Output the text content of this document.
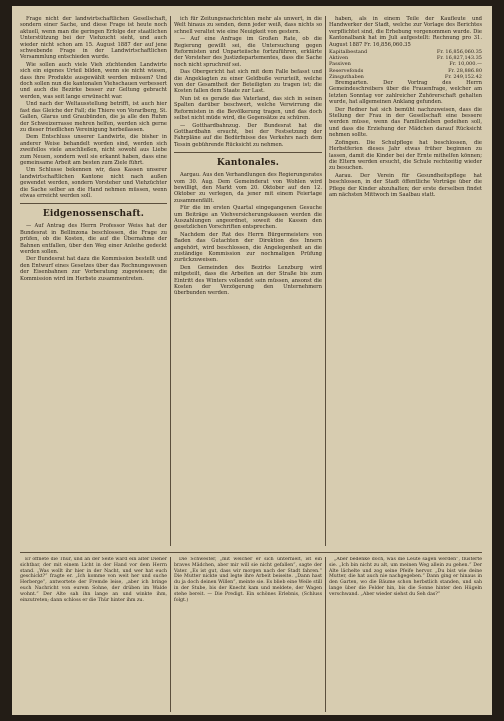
Frage nicht der landwirtschaftlichen Gesellschaft, sondern einer Sache, und diese Frage ist heute noch aktuell, wenn man die geringen Erfolge der staatlichen Unterstützung bei der Viehzucht sieht, und auch wieder nicht schon am 15. August 1887 der auf jene schwebende Frage in der Landwirtschaftlichen Versammlung entschieden wurde.

Wie sollen auch viele Vieh züchtenden Landwirte sich ein eigenes Urteil bilden, wenn sie nicht wissen, dass ihre Produkte ausgewählt werden müssen? Und doch sollen nun die kantonalen Viehschauen verbessert und auch die Bezirke besser zur Geltung gebracht werden, was seit lange erwünscht war.

Und nach der Weltausstellung betrifft, ist auch hier fast das Gleiche der Fall; die Thiere von Vorarlberg, St. Gallen, Glarus und Graubünden, die ja alle den Ruhm der Schweizerrasse mehren helfen, werden sich gerne zu dieser friedlichen Vereinigung herbeilassen.

Dem Entschluss unserer Landwirte, die bisher in anderer Weise behandelt worden sind, werden sich zweifellos viele anschließen, nicht sowohl aus Liebe zum Neuen, sondern weil sie erkannt haben, dass eine gemeinsame Arbeit am besten zum Ziele führt.

Um Schlusse bekennen wir, dass Kassen unserer landwirtschaftlichen Kantone nicht nach außen gewendet werden, sondern Vorsteher und Viehzüchter die Sache selber an die Hand nehmen müssen, wenn etwas erreicht werden soll.

Eidgenossenschaft.

— Auf Antrag des Herrn Professor Weiss hat der Bundesrat in Bellinzona beschlossen, die Frage zu prüfen, ob die Kosten, die auf die Übernahme der Bahnen entfallen, über den Weg einer Anleihe gedeckt werden sollen.

Der Bundesrat hat dazu die Kommission bestellt und den Entwurf eines Gesetzes über das Rechnungswesen der Eisenbahnen zur Vorberatung zugewiesen; die Kommission wird im Herbste zusammentreten.

ich für Zeitungsnachrichten mehr als unwert, in die Welt hinaus zu senden, denn jeder weiß, dass nichts so schnell veraltet wie eine Neuigkeit von gestern.

— Auf eine Anfrage im Großen Rate, ob die Regierung gewillt sei, die Untersuchung gegen Reformisten und Unparteiische fortzuführen, erklärte der Vorsteher des Justizdepartementes, dass die Sache noch nicht spruchreif sei.

Das Obergericht hat sich mit dem Falle befasst und die Angeklagten zu einer Geldbuße verurteilt, welche von der Gesamtheit der Beteiligten zu tragen ist; die Kosten fallen dem Staate zur Last.

Nun ist es gerade das Vaterland, das sich in seinen Spalten darüber beschwert, welche Verwirrung die Reformisten in die Bevölkerung tragen, und das doch selbst nicht müde wird, die Gegensätze zu schüren.

— Gotthardbahnzug. Der Bundesrat hat die Gotthardbahn ersucht, bei der Festsetzung der Fahrpläne auf die Bedürfnisse des Verkehrs nach dem Tessin gebührende Rücksicht zu nehmen.

Kantonales.

Aargau. Aus den Verhandlungen des Regierungsrates vom 30. Aug. Dem Gemeinderat von Wohlen wird bewilligt, den Markt vom 20. Oktober auf den 12. Oktober zu verlegen, da jener mit einem Feiertage zusammenfällt.

Für die im ersten Quartal eingegangenen Gesuche um Beiträge an Viehversicherungskassen werden die Auszahlungen angeordnet, soweit die Kassen den gesetzlichen Vorschriften entsprechen.

Nachdem der Rat des Herrn Bürgermeisters von Baden das Gutachten der Direktion des Innern angehört, wird beschlossen, die Angelegenheit an die zuständige Kommission zur nochmaligen Prüfung zurückzuweisen.

Den Gemeinden des Bezirks Lenzburg wird mitgeteilt, dass die Arbeiten an der Straße bis zum Eintritt des Winters vollendet sein müssen, ansonst die Kosten der Verzögerung den Unternehmern überbunden werden.

haben, als in einem Teile der Kaufleute und Handwerker der Stadt, welche zur Vorlage des Berichtes verpflichtet sind, die Erhebung vorgenommen wurde. Die Kantonalbank hat im Juli aufgestellt: Rechnung pro 31. August 1887 Fr. 16,856,060.35

Kapitalbestand	Fr. 16,856,060.35
Aktiven	Fr. 16,827,143.35
Passiven	Fr. 10,000.—
Reservefonds	Fr. 28,886.80
Zinsguthaben	Fr. 249,152.42

Bremgarten. Der Vortrag des Herrn Gemeindeschreibers über die Frauenfrage, welcher am letzten Sonntag vor zahlreicher Zuhörerschaft gehalten wurde, hat allgemeinen Anklang gefunden.

Der Redner hat sich bemüht nachzuweisen, dass die Stellung der Frau in der Gesellschaft eine bessere werden müsse, wenn das Familienleben gedeihen soll, und dass die Erziehung der Mädchen darauf Rücksicht nehmen sollte.

Zofingen. Die Schulpflege hat beschlossen, die Herbstferien dieses Jahr etwas früher beginnen zu lassen, damit die Kinder bei der Ernte mithelfen können; die Eltern werden ersucht, die Schule rechtzeitig wieder zu besuchen.

Aarau. Der Verein für Gesundheitspflege hat beschlossen, in der Stadt öffentliche Vorträge über die Pflege der Kinder abzuhalten; der erste derselben findet am nächsten Mittwoch im Saalbau statt.

Er öffnete die Thür, und an der Seite ward ein alter Diener sichtbar, der mit einem Licht in der Hand vor dem Herrn stand. „Was wollt ihr hier in der Nacht, und wer hat euch geschickt?“ fragte er. „Ich komme von weit her und suche Herberge“, antwortete der Fremde leise, „aber ich bringe euch Nachricht von eurem Sohne, der drüben im Walde wohnt.“ Der Alte sah ihn lange an und winkte ihm, einzutreten; dann schloss er die Thür hinter ihm zu.

Die Schwester, „mit welcher er sich unterhielt, ist ein braves Mädchen, aber mir will sie nicht gefallen“, sagte der Vater. „Es ist gut, dass wir morgen nach der Stadt fahren.“ Die Mutter nickte und legte ihre Arbeit beiseite. „Dann hast du ja doch deinen Willen“, meinte sie. Es blieb eine Weile still in der Stube, bis der Knecht kam und meldete, der Wagen stehe bereit. — Die Predigt. Ein schönes Erlebnis, (Schluss folgt.)

„Aber bedenke doch, was die Leute sagen werden“, flüsterte sie. „Ich bin nicht zu alt, um meinen Weg allein zu gehen.“ Der Alte lächelte und zog seine Pfeife hervor. „Du bist wie deine Mutter, die hat auch nie nachgegeben.“ Dann ging er hinaus in den Garten, wo die Bäume schon herbstlich standen, und sah lange über die Felder hin, bis die Sonne hinter den Hügeln verschwand. „Aber wieder siehst du Seh das?“
